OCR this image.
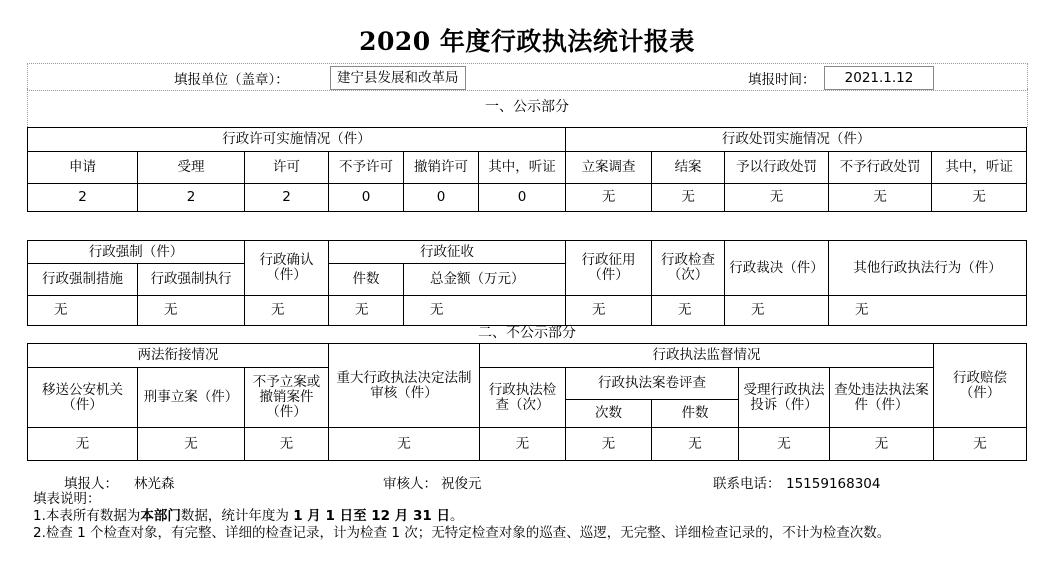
2020 年度行政执法统计报表
填报单位（盖章）：	建宁县发展和改革局	填报时间：	2021.1.12
一、公示部分
行政许可实施情况（件）						行政处罚实施情况（件）				
申请	受理	许可	不予许可	撤销许可	其中，听证	立案调查	结案	予以行政处罚	不予行政处罚	其中，听证
2	2	2	0	0	0	无	无	无	无	无
行政强制（件）		行政确认（件）	行政征收		行政征用（件）	行政检查（次）	行政裁决（件）	其他行政执法行为（件）
行政强制措施	行政强制执行		件数	总金额（万元）				
无	无	无	无	无	无	无	无	无
二、不公示部分
两法衔接情况			重大行政执法决定法制审核（件）	行政执法监督情况					行政赔偿（件）
移送公安机关（件）	刑事立案（件）	不予立案或撤销案件（件）		行政执法检查（次）	行政执法案卷评查		受理行政执法投诉（件）	查处违法执法案件（件）	
					次数	件数			
无	无	无	无	无	无	无	无	无	无
填报人： 林光森	审核人： 祝俊元	联系电话： 15159168304
填表说明：
1.本表所有数据为本部门数据，统计年度为 1 月 1 日至 12 月 31 日。
2.检查 1 个检查对象，有完整、详细的检查记录，计为检查 1 次；无特定检查对象的巡查、巡逻，无完整、详细检查记录的，不计为检查次数。
